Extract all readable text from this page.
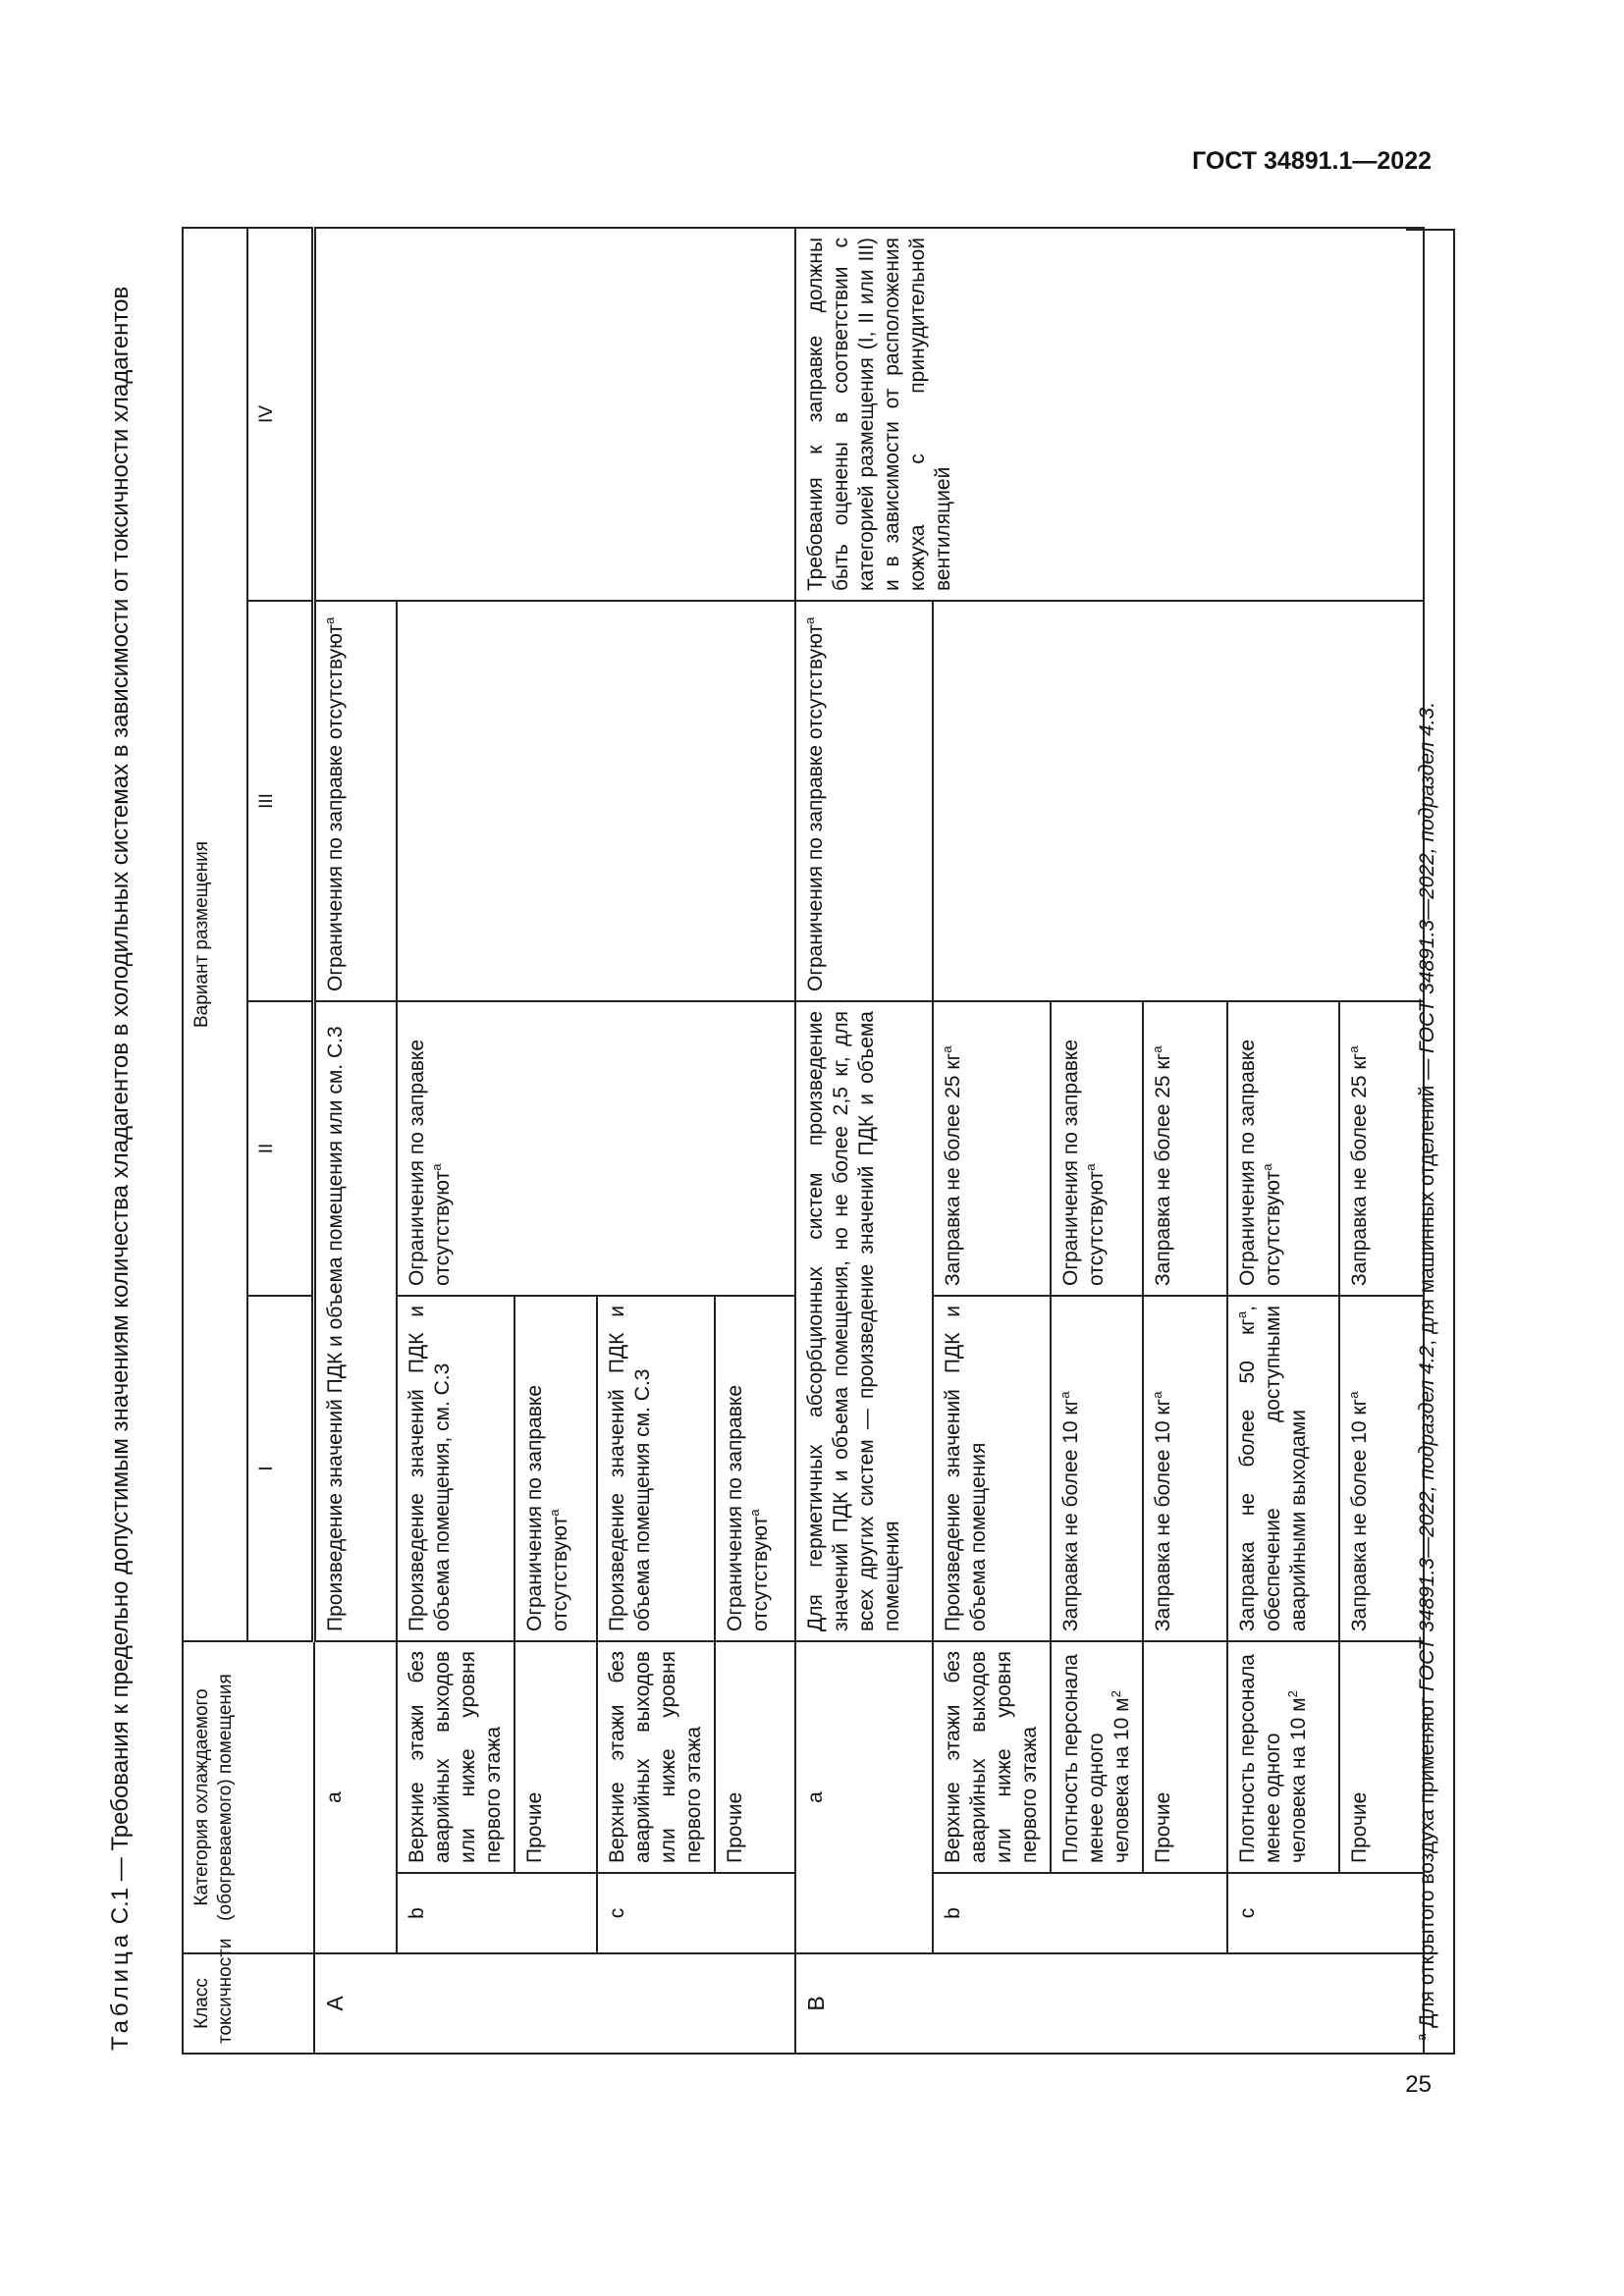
ГОСТ 34891.1—2022
Таблица С.1 — Требования к предельно допустимым значениям количества хладагентов в холодильных системах в зависимости от токсичности хладагентов
Класс токсичности	Категория охлаждаемого (обогреваемого) помещения		Вариант размещения			
			I	II	III	IV
A	a		Произведение значений ПДК и объема помещения или см. С.3		Ограничения по заправке отсутствуют$^a$	
	b	Верхние этажи без аварийных выходов или ниже уровня первого этажа	Произведение значений ПДК и объема помещения, см. С.3	Ограничения по заправке отсутствуют$^a$	
		Прочие	Ограничения по заправке отсутствуют$^a$
	c	Верхние этажи без аварийных выходов или ниже уровня первого этажа	Произведение значений ПДК и объема помещения см. С.3			
		Прочие	Ограничения по заправке отсутствуют$^a$
B	a		Для герметичных абсорбционных систем произведение значений ПДК и объема помещения, но не более 2,5 кг, для всех других систем — произведение значений ПДК и объема помещения		Ограничения по заправке отсутствуют$^a$	Требования к заправке должны быть оценены в соответствии с категорией размещения (I, II или III) и в зависимости от расположения кожуха с принудительной вентиляцией
	b	Верхние этажи без аварийных выходов или ниже уровня первого этажа	Произведение значений ПДК и объема помещения	Заправка не более 25 $кг^a$	
		Плотность персонала менее одного человека на 10 $м^2$	Заправка не более 10 $кг^a$	Ограничения по заправке отсутствуют$^a$
		Прочие	Заправка не более 10 $кг^a$	Заправка не более 25 $кг^a$
	c	Плотность персонала менее одного человека на 10 $м^2$	Заправка не более 50 $кг^a$, обеспечение доступными аварийными выходами	Ограничения по заправке отсутствуют$^a$
		Прочие	Заправка не более 10 $кг^a$	Заправка не более 25 $кг^a$
$^a$ Для открытого воздуха применяют ГОСТ 34891.3—2022, подраздел 4.2, для машинных отделений — ГОСТ 34891.3—2022, подраздел 4.3.
25
